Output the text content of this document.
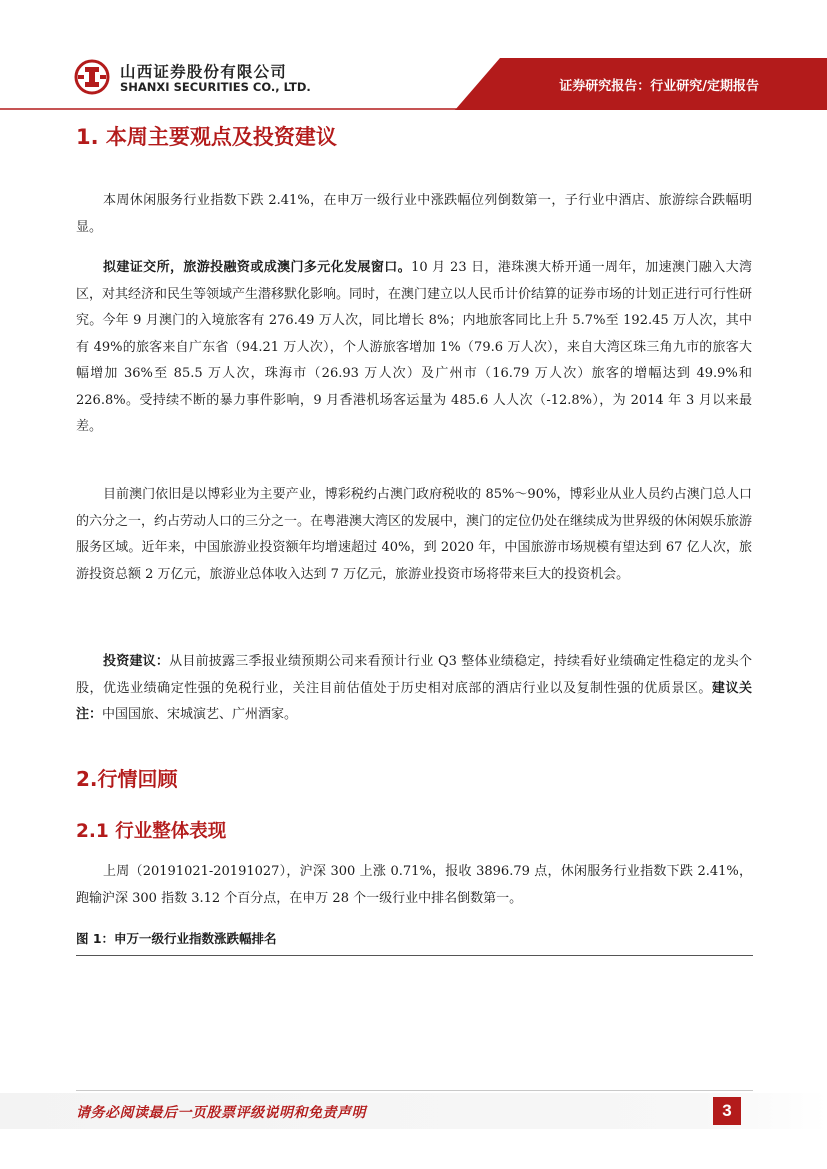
山西证券股份有限公司
SHANXI SECURITIES CO., LTD.	证券研究报告：行业研究/定期报告
1. 本周主要观点及投资建议

本周休闲服务行业指数下跌 2.41%，在申万一级行业中涨跌幅位列倒数第一，子行业中酒店、旅游综合跌幅明显。

拟建证交所，旅游投融资或成澳门多元化发展窗口。10 月 23 日，港珠澳大桥开通一周年，加速澳门融入大湾区，对其经济和民生等领域产生潜移默化影响。同时，在澳门建立以人民币计价结算的证券市场的计划正进行可行性研究。今年 9 月澳门的入境旅客有 276.49 万人次，同比增长 8%；内地旅客同比上升 5.7%至 192.45 万人次，其中有 49%的旅客来自广东省（94.21 万人次），个人游旅客增加 1%（79.6 万人次），来自大湾区珠三角九市的旅客大幅增加 36%至 85.5 万人次，珠海市（26.93 万人次）及广州市（16.79 万人次）旅客的增幅达到 49.9%和 226.8%。受持续不断的暴力事件影响，9 月香港机场客运量为 485.6 人人次（-12.8%），为 2014 年 3 月以来最差。

目前澳门依旧是以博彩业为主要产业，博彩税约占澳门政府税收的 85%～90%，博彩业从业人员约占澳门总人口的六分之一，约占劳动人口的三分之一。在粤港澳大湾区的发展中，澳门的定位仍处在继续成为世界级的休闲娱乐旅游服务区域。近年来，中国旅游业投资额年均增速超过 40%，到 2020 年，中国旅游市场规模有望达到 67 亿人次，旅游投资总额 2 万亿元，旅游业总体收入达到 7 万亿元，旅游业投资市场将带来巨大的投资机会。

投资建议：从目前披露三季报业绩预期公司来看预计行业 Q3 整体业绩稳定，持续看好业绩确定性稳定的龙头个股，优选业绩确定性强的免税行业，关注目前估值处于历史相对底部的酒店行业以及复制性强的优质景区。建议关注：中国国旅、宋城演艺、广州酒家。

2.行情回顾
2.1 行业整体表现

上周（20191021-20191027），沪深 300 上涨 0.71%，报收 3896.79 点，休闲服务行业指数下跌 2.41%，跑输沪深 300 指数 3.12 个百分点，在申万 28 个一级行业中排名倒数第一。

图 1：申万一级行业指数涨跌幅排名
请务必阅读最后一页股票评级说明和免责声明	3
